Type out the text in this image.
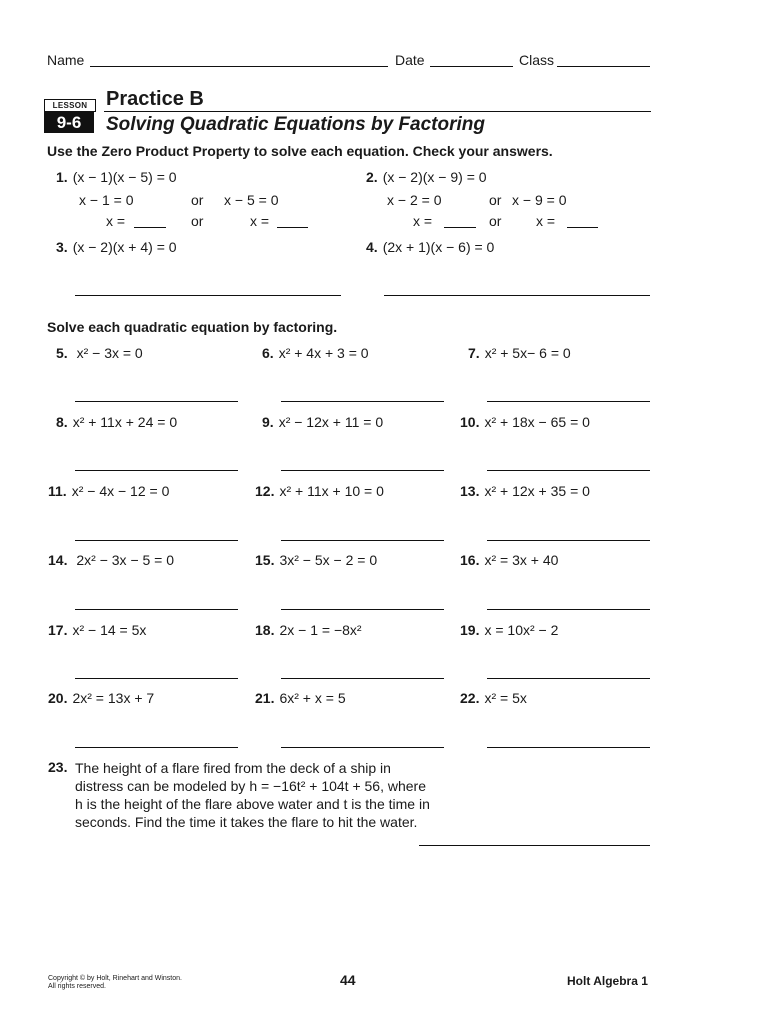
Name	Date	Class
LESSON
9-6
Practice B
Solving Quadratic Equations by Factoring
Use the Zero Product Property to solve each equation. Check your answers.
1. (x − 1)(x − 5) = 0
x − 1 = 0	or x − 5 = 0
x =	or	x =
2. (x − 2)(x − 9) = 0
x − 2 = 0	or x − 9 = 0
x =	or x =
3. (x − 2)(x + 4) = 0	4. (2x + 1)(x − 6) = 0
Solve each quadratic equation by factoring.
5. x² − 3x = 0	6. x² + 4x + 3 = 0	7. x² + 5x− 6 = 0
8. x² + 11x + 24 = 0	9. x² − 12x + 11 = 0	10. x² + 18x − 65 = 0
11. x² − 4x − 12 = 0	12. x² + 11x + 10 = 0	13. x² + 12x + 35 = 0
14. 2x² − 3x − 5 = 0	15. 3x² − 5x − 2 = 0	16. x² = 3x + 40
17. x² − 14 = 5x	18. 2x − 1 = −8x²	19. x = 10x² − 2
20. 2x² = 13x + 7	21. 6x² + x = 5	22. x² = 5x
23. The height of a flare fired from the deck of a ship in distress can be modeled by h = −16t² + 104t + 56, where h is the height of the flare above water and t is the time in seconds. Find the time it takes the flare to hit the water.
Copyright © by Holt, Rinehart and Winston.
All rights reserved.	44	Holt Algebra 1
